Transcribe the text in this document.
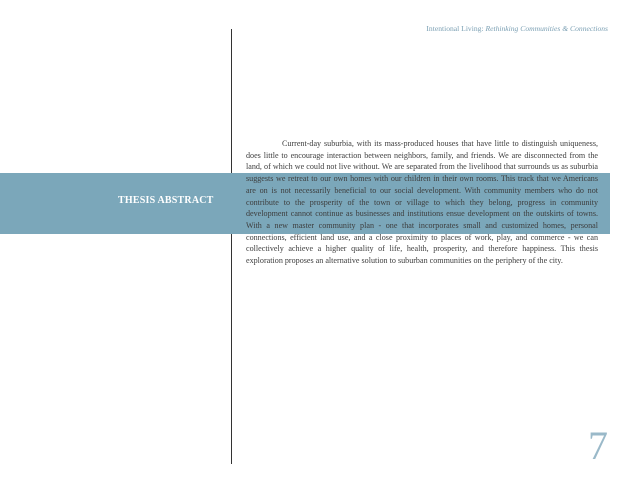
Intentional Living: Rethinking Communities & Connections
THESIS ABSTRACT

Current-day suburbia, with its mass-produced houses that have little to distinguish uniqueness, does little to encourage interaction between neighbors, family, and friends. We are disconnected from the land, of which we could not live without. We are separated from the livelihood that surrounds us as suburbia suggests we retreat to our own homes with our children in their own rooms. This track that we Americans are on is not necessarily beneficial to our social development. With community members who do not contribute to the prosperity of the town or village to which they belong, progress in community development cannot continue as businesses and institutions ensue development on the outskirts of towns. With a new master community plan - one that incorporates small and customized homes, personal connections, efficient land use, and a close proximity to places of work, play, and commerce - we can collectively achieve a higher quality of life, health, prosperity, and therefore happiness. This thesis exploration proposes an alternative solution to suburban communities on the periphery of the city.

7
